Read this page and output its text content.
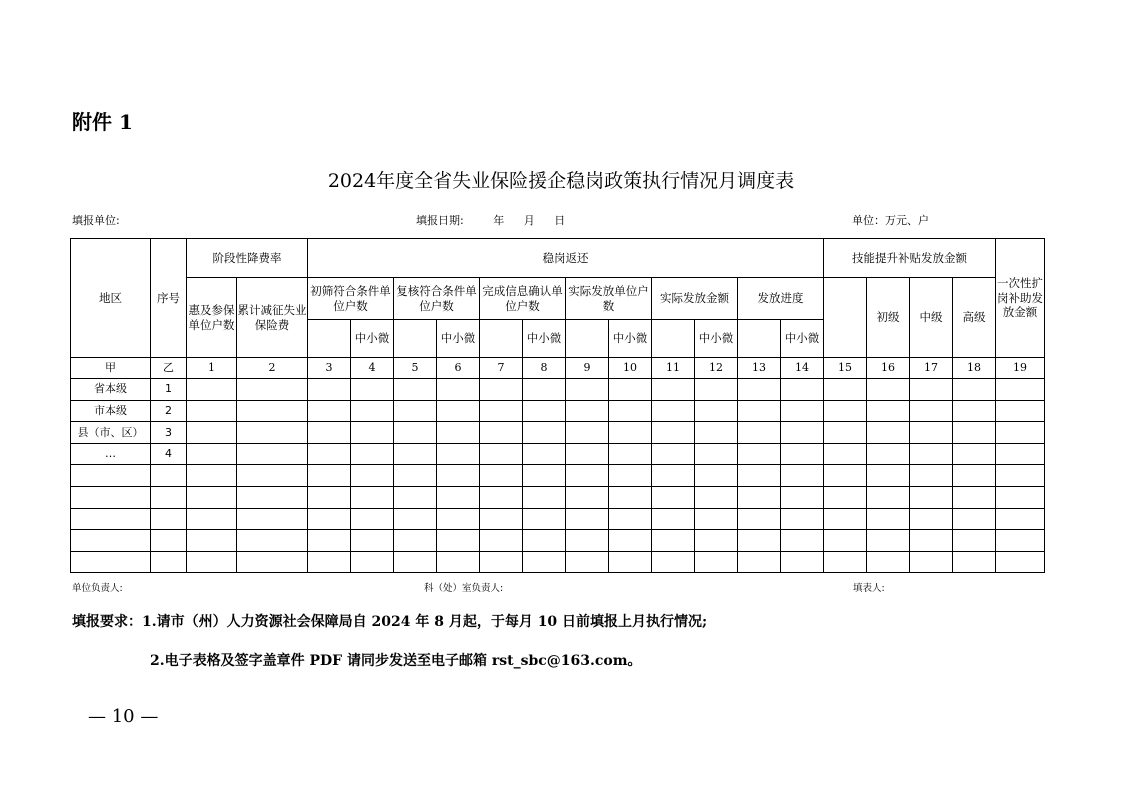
附件 1
2024年度全省失业保险援企稳岗政策执行情况月调度表
填报单位:	填报日期:	年 月 日	单位：万元、户
地区	序号	阶段性降费率		稳岗返还												技能提升补贴发放金额				一次性扩岗补助发放金额
		惠及参保单位户数	累计减征失业保险费	初筛符合条件单位户数		复核符合条件单位户数		完成信息确认单位户数		实际发放单位户数		实际发放金额		发放进度			初级	中级	高级	
					中小微		中小微		中小微		中小微		中小微		中小微					
甲	乙	1	2	3	4	5	6	7	8	9	10	11	12	13	14	15	16	17	18	19
省本级	1																			
市本级	2																			
县（市、区）	3																			
…	4																			

单位负责人:	科（处）室负责人:	填表人:
填报要求：1.请市（州）人力资源社会保障局自 2024 年 8 月起，于每月 10 日前填报上月执行情况;
2.电子表格及签字盖章件 PDF 请同步发送至电子邮箱 rst_sbc@163.com。
— 10 —
